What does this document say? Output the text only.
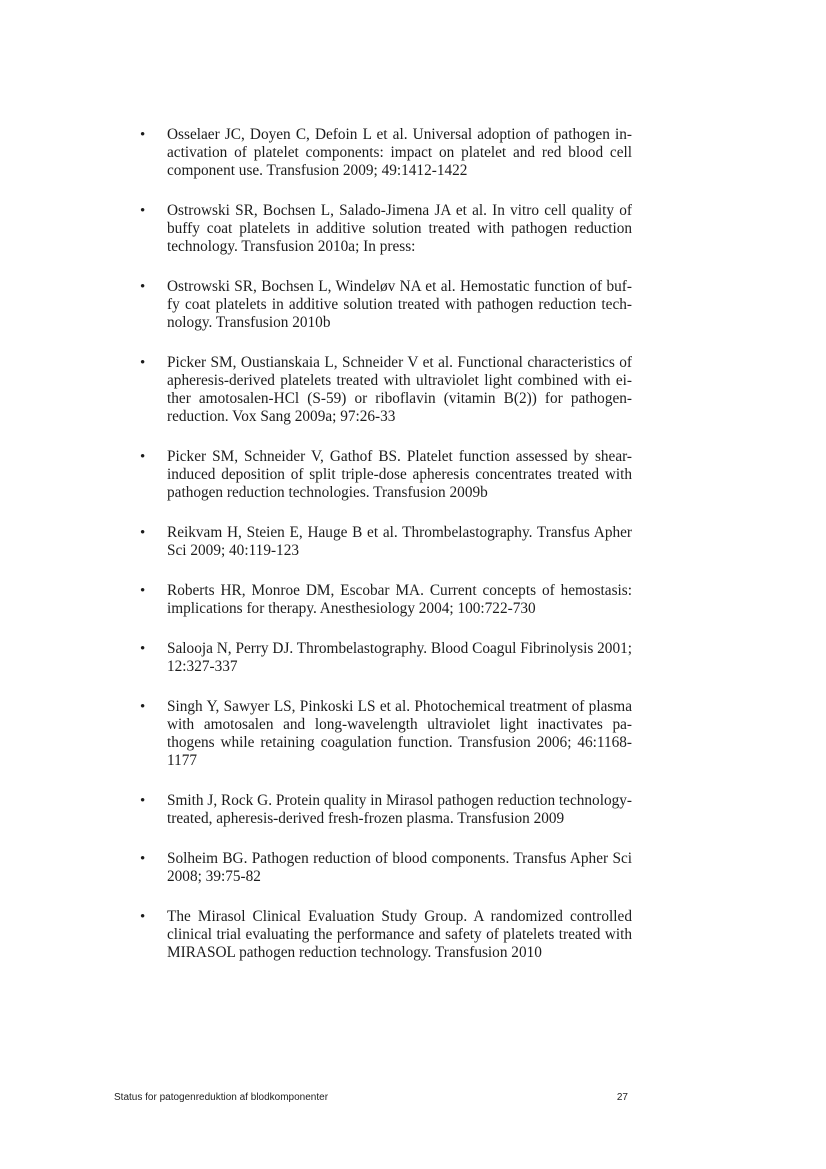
• Osselaer JC, Doyen C, Defoin L et al. Universal adoption of pathogen inactivation of platelet components: impact on platelet and red blood cell component use. Transfusion 2009; 49:1412-1422
• Ostrowski SR, Bochsen L, Salado-Jimena JA et al. In vitro cell quality of buffy coat platelets in additive solution treated with pathogen reduction technology. Transfusion 2010a; In press:
• Ostrowski SR, Bochsen L, Windeløv NA et al. Hemostatic function of buffy coat platelets in additive solution treated with pathogen reduction technology. Transfusion 2010b
• Picker SM, Oustianskaia L, Schneider V et al. Functional characteristics of apheresis-derived platelets treated with ultraviolet light combined with either amotosalen-HCl (S-59) or riboflavin (vitamin B(2)) for pathogen-reduction. Vox Sang 2009a; 97:26-33
• Picker SM, Schneider V, Gathof BS. Platelet function assessed by shear-induced deposition of split triple-dose apheresis concentrates treated with pathogen reduction technologies. Transfusion 2009b
• Reikvam H, Steien E, Hauge B et al. Thrombelastography. Transfus Apher Sci 2009; 40:119-123
• Roberts HR, Monroe DM, Escobar MA. Current concepts of hemostasis: implications for therapy. Anesthesiology 2004; 100:722-730
• Salooja N, Perry DJ. Thrombelastography. Blood Coagul Fibrinolysis 2001; 12:327-337
• Singh Y, Sawyer LS, Pinkoski LS et al. Photochemical treatment of plasma with amotosalen and long-wavelength ultraviolet light inactivates pathogens while retaining coagulation function. Transfusion 2006; 46:1168-1177
• Smith J, Rock G. Protein quality in Mirasol pathogen reduction technology-treated, apheresis-derived fresh-frozen plasma. Transfusion 2009
• Solheim BG. Pathogen reduction of blood components. Transfus Apher Sci 2008; 39:75-82
• The Mirasol Clinical Evaluation Study Group. A randomized controlled clinical trial evaluating the performance and safety of platelets treated with MIRASOL pathogen reduction technology. Transfusion 2010
Status for patogenreduktion af blodkomponenter	27
